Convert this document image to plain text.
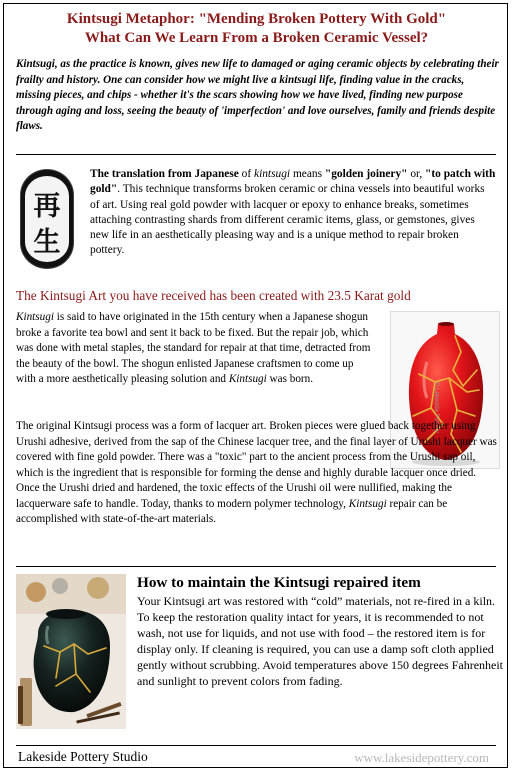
Kintsugi Metaphor: "Mending Broken Pottery With Gold"
What Can We Learn From a Broken Ceramic Vessel?

Kintsugi, as the practice is known, gives new life to damaged or aging ceramic objects by celebrating their frailty and history. One can consider how we might live a kintsugi life, finding value in the cracks, missing pieces, and chips - whether it's the scars showing how we have lived, finding new purpose through aging and loss, seeing the beauty of 'imperfection' and love ourselves, family and friends despite flaws.

再
生

The translation from Japanese of kintsugi means "golden joinery" or, "to patch with gold". This technique transforms broken ceramic or china vessels into beautiful works of art. Using real gold powder with lacquer or epoxy to enhance breaks, sometimes attaching contrasting shards from different ceramic items, glass, or gemstones, gives new life in an aesthetically pleasing way and is a unique method to repair broken pottery.

The Kintsugi Art you have received has been created with 23.5 Karat gold

Kintsugi is said to have originated in the 15th century when a Japanese shogun broke a favorite tea bowl and sent it back to be fixed. But the repair job, which was done with metal staples, the standard for repair at that time, detracted from the beauty of the bowl. The shogun enlisted Japanese craftsmen to come up with a more aesthetically pleasing solution and Kintsugi was born.

© Lakeside Pottery

The original Kintsugi process was a form of lacquer art. Broken pieces were glued back together using Urushi adhesive, derived from the sap of the Chinese lacquer tree, and the final layer of Urushi lacquer was covered with fine gold powder. There was a "toxic" part to the ancient process from the Urushi sap oil, which is the ingredient that is responsible for forming the dense and highly durable lacquer once dried. Once the Urushi dried and hardened, the toxic effects of the Urushi oil were nullified, making the lacquerware safe to handle. Today, thanks to modern polymer technology, Kintsugi repair can be accomplished with state-of-the-art materials.

How to maintain the Kintsugi repaired item

Your Kintsugi art was restored with “cold” materials, not re-fired in a kiln. To keep the restoration quality intact for years, it is recommended to not wash, not use for liquids, and not use with food – the restored item is for display only. If cleaning is required, you can use a damp soft cloth applied gently without scrubbing. Avoid temperatures above 150 degrees Fahrenheit and sunlight to prevent colors from fading.

Lakeside Pottery Studio	www.lakesidepottery.com
